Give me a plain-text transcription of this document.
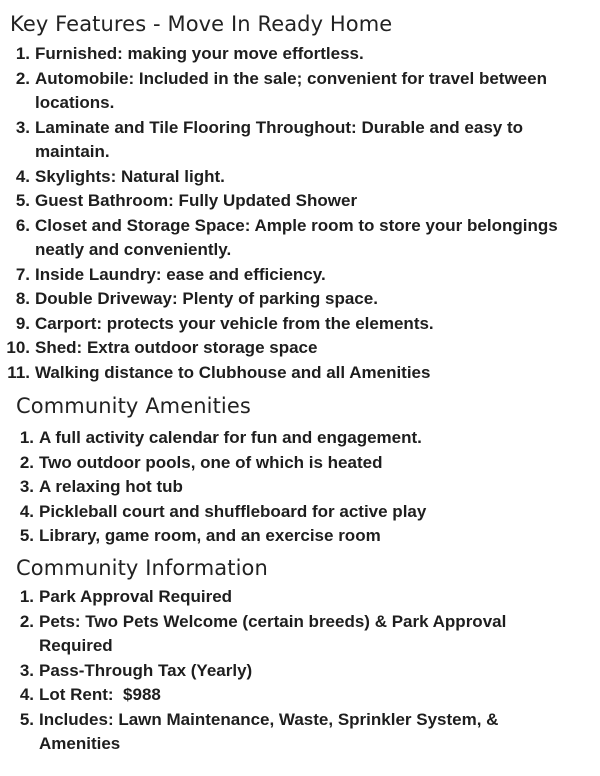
Key Features - Move In Ready Home
1. Furnished: making your move effortless.
2. Automobile: Included in the sale; convenient for travel between locations.
3. Laminate and Tile Flooring Throughout: Durable and easy to maintain.
4. Skylights: Natural light.
5. Guest Bathroom: Fully Updated Shower
6. Closet and Storage Space: Ample room to store your belongings neatly and conveniently.
7. Inside Laundry: ease and efficiency.
8. Double Driveway: Plenty of parking space.
9. Carport: protects your vehicle from the elements.
10. Shed: Extra outdoor storage space
11. Walking distance to Clubhouse and all Amenities
Community Amenities
1. A full activity calendar for fun and engagement.
2. Two outdoor pools, one of which is heated
3. A relaxing hot tub
4. Pickleball court and shuffleboard for active play
5. Library, game room, and an exercise room
Community Information
1. Park Approval Required
2. Pets: Two Pets Welcome (certain breeds) & Park Approval Required
3. Pass-Through Tax (Yearly)
4. Lot Rent:  $988
5. Includes: Lawn Maintenance, Waste, Sprinkler System, & Amenities
